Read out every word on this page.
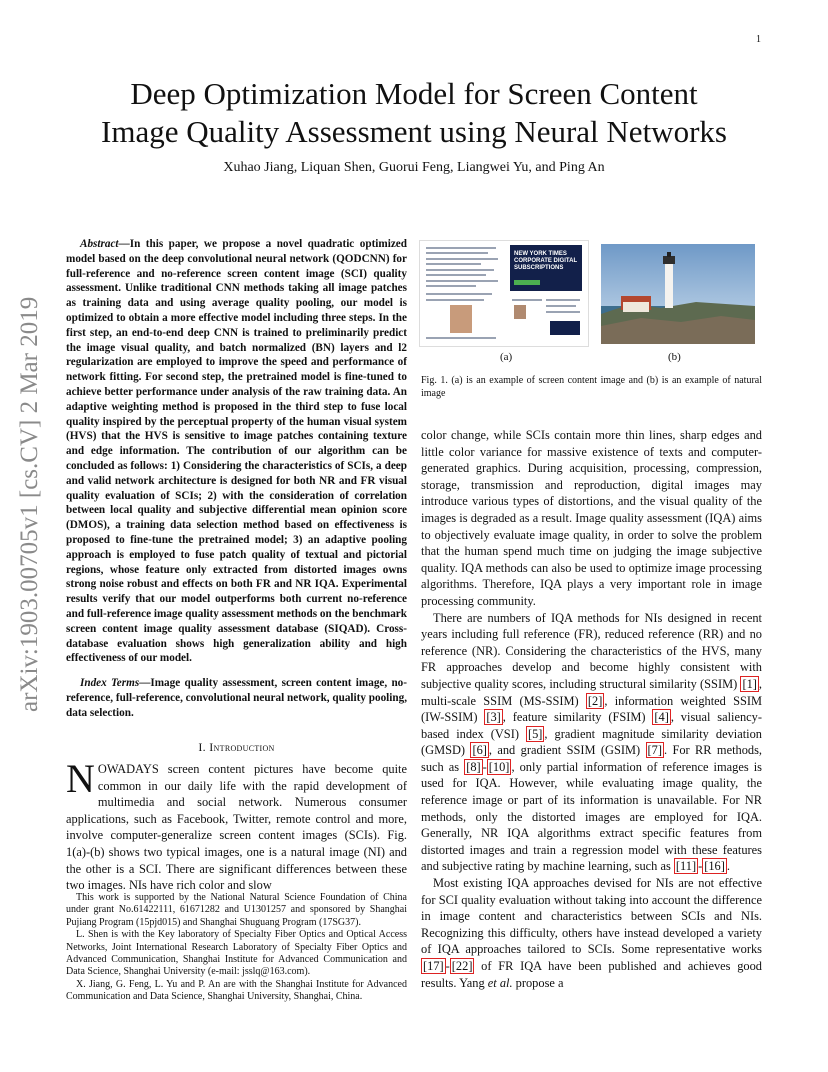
1
arXiv:1903.00705v1 [cs.CV] 2 Mar 2019
Deep Optimization Model for Screen Content Image Quality Assessment using Neural Networks
Xuhao Jiang, Liquan Shen, Guorui Feng, Liangwei Yu, and Ping An

Abstract—In this paper, we propose a novel quadratic optimized model based on the deep convolutional neural network (QODCNN) for full-reference and no-reference screen content image (SCI) quality assessment. Unlike traditional CNN methods taking all image patches as training data and using average quality pooling, our model is optimized to obtain a more effective model including three steps. In the first step, an end-to-end deep CNN is trained to preliminarily predict the image visual quality, and batch normalized (BN) layers and l2 regularization are employed to improve the speed and performance of network fitting. For second step, the pretrained model is fine-tuned to achieve better performance under analysis of the raw training data. An adaptive weighting method is proposed in the third step to fuse local quality inspired by the perceptual property of the human visual system (HVS) that the HVS is sensitive to image patches containing texture and edge information. The contribution of our algorithm can be concluded as follows: 1) Considering the characteristics of SCIs, a deep and valid network architecture is designed for both NR and FR visual quality evaluation of SCIs; 2) with the consideration of correlation between local quality and subjective differential mean opinion score (DMOS), a training data selection method based on effectiveness is proposed to fine-tune the pretrained model; 3) an adaptive pooling approach is employed to fuse patch quality of textual and pictorial regions, whose feature only extracted from distorted images owns strong noise robust and effects on both FR and NR IQA. Experimental results verify that our model outperforms both current no-reference and full-reference image quality assessment methods on the benchmark screen content image quality assessment database (SIQAD). Cross-database evaluation shows high generalization ability and high effectiveness of our model.

Index Terms—Image quality assessment, screen content image, no-reference, full-reference, convolutional neural network, quality pooling, data selection.

I. Introduction

NOWADAYS screen content pictures have become quite common in our daily life with the rapid development of multimedia and social network. Numerous consumer applications, such as Facebook, Twitter, remote control and more, involve computer-generalize screen content images (SCIs). Fig. 1(a)-(b) shows two typical images, one is a natural image (NI) and the other is a SCI. There are significant differences between these two images. NIs have rich color and slow

This work is supported by the National Natural Science Foundation of China under grant No.61422111, 61671282 and U1301257 and sponsored by Shanghai Pujiang Program (15pjd015) and Shanghai Shuguang Program (17SG37).

L. Shen is with the Key laboratory of Specialty Fiber Optics and Optical Access Networks, Joint International Research Laboratory of Specialty Fiber Optics and Advanced Communication, Shanghai Institute for Advanced Communication and Data Science, Shanghai University (e-mail: jsslq@163.com).

X. Jiang, G. Feng, L. Yu and P. An are with the Shanghai Institute for Advanced Communication and Data Science, Shanghai University, Shanghai, China.

NEW YORK TIMES CORPORATE DIGITAL SUBSCRIPTIONS
(a)	(b)
Fig. 1. (a) is an example of screen content image and (b) is an example of natural image

color change, while SCIs contain more thin lines, sharp edges and little color variance for massive existence of texts and computer-generated graphics. During acquisition, processing, compression, storage, transmission and reproduction, digital images may introduce various types of distortions, and the visual quality of the images is degraded as a result. Image quality assessment (IQA) aims to objectively evaluate image quality, in order to solve the problem that the human spend much time on judging the image subjective quality. IQA methods can also be used to optimize image processing algorithms. Therefore, IQA plays a very important role in image processing community.

There are numbers of IQA methods for NIs designed in recent years including full reference (FR), reduced reference (RR) and no reference (NR). Considering the characteristics of the HVS, many FR approaches develop and become highly consistent with subjective quality scores, including structural similarity (SSIM) [1] , multi-scale SSIM (MS-SSIM) [2] , information weighted SSIM (IW-SSIM) [3] , feature similarity (FSIM) [4] , visual saliency-based index (VSI) [5] , gradient magnitude similarity deviation (GMSD) [6] , and gradient SSIM (GSIM) [7] . For RR methods, such as [8] - [10] , only partial information of reference images is used for IQA. However, while evaluating image quality, the reference image or part of its information is unavailable. For NR methods, only the distorted images are employed for IQA. Generally, NR IQA algorithms extract specific features from distorted images and train a regression model with these features and subjective rating by machine learning, such as [11] - [16] .

Most existing IQA approaches devised for NIs are not effective for SCI quality evaluation without taking into account the difference in image content and characteristics between SCIs and NIs. Recognizing this difficulty, others have instead developed a variety of IQA approaches tailored to SCIs. Some representative works [17] - [22] of FR IQA have been published and achieves good results. Yang et al. propose a
